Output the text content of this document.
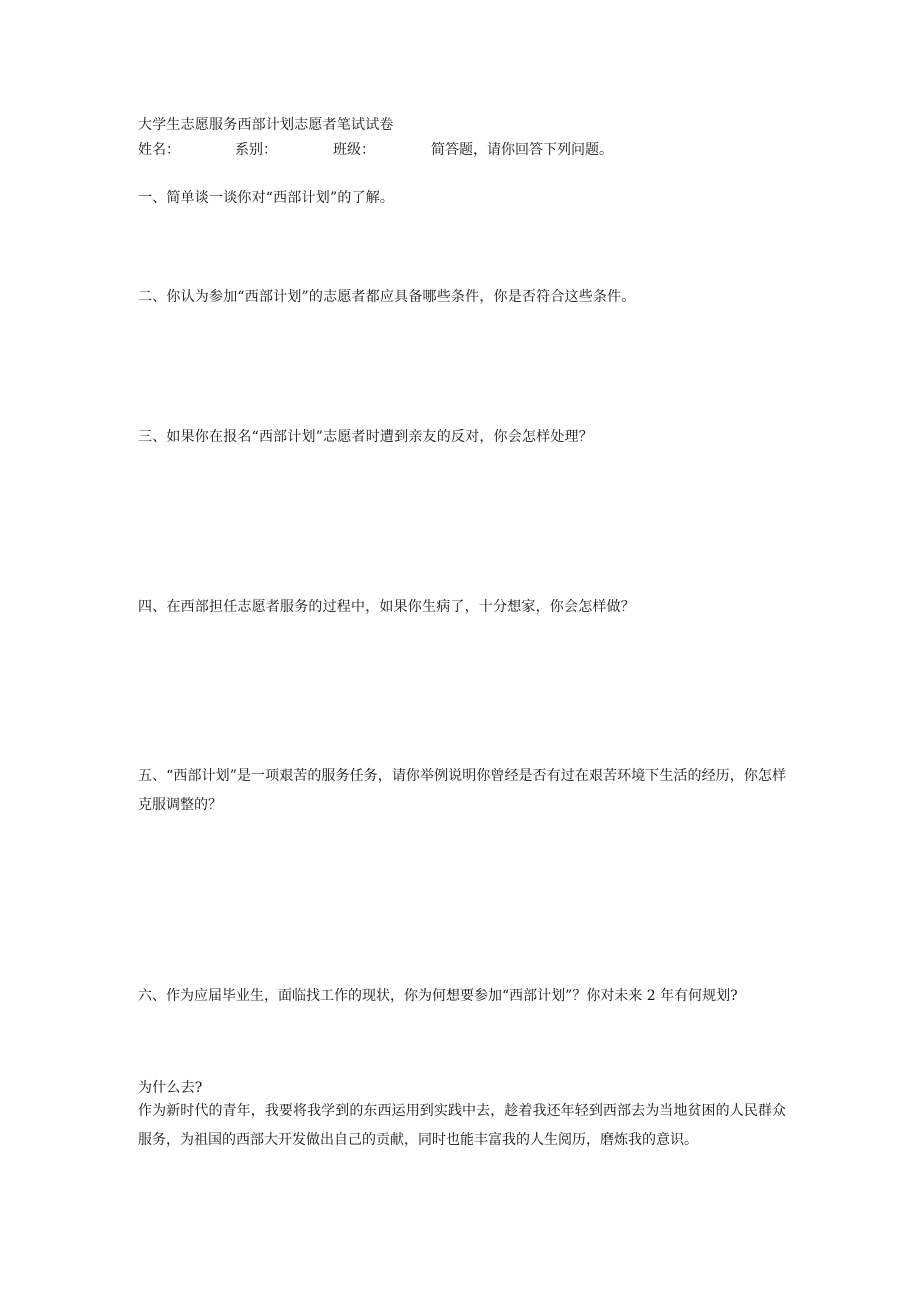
大学生志愿服务西部计划志愿者笔试试卷
姓名：	系别：	班级：	简答题，请你回答下列问题。
一、简单谈一谈你对“西部计划”的了解。
二、你认为参加“西部计划”的志愿者都应具备哪些条件，你是否符合这些条件。
三、如果你在报名“西部计划”志愿者时遭到亲友的反对，你会怎样处理？
四、在西部担任志愿者服务的过程中，如果你生病了，十分想家，你会怎样做？
五、“西部计划”是一项艰苦的服务任务，请你举例说明你曾经是否有过在艰苦环境下生活的经历，你怎样克服调整的？
六、作为应届毕业生，面临找工作的现状，你为何想要参加“西部计划”？你对未来 2 年有何规划?
为什么去?
作为新时代的青年，我要将我学到的东西运用到实践中去，趁着我还年轻到西部去为当地贫困的人民群众服务，为祖国的西部大开发做出自己的贡献，同时也能丰富我的人生阅历，磨炼我的意识。
